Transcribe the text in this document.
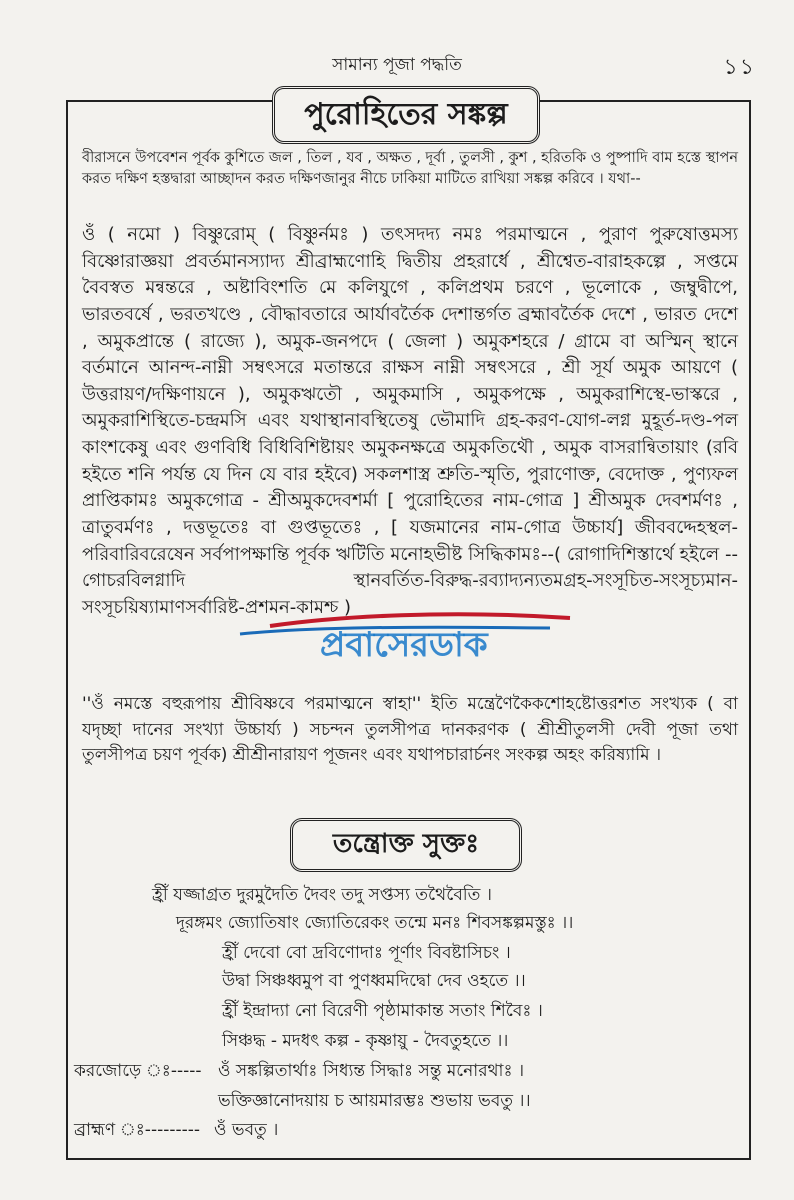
সামান্য পূজা পদ্ধতি	১১
পুরোহিতের সঙ্কল্প
বীরাসনে উপবেশন পূর্বক কুশিতে জল , তিল , যব , অক্ষত , দূর্বা , তুলসী , কুশ , হরিতকি ও পুষ্পাদি বাম হস্তে স্থাপন করত দক্ষিণ হস্তদ্বারা আচ্ছাদন করত দক্ষিণজানুর নীচে ঢাকিয়া মাটিতে রাখিয়া সঙ্কল্প করিবে । যথা--
ওঁ ( নমো ) বিষ্ণুরোম্ ( বিষ্ণুর্নমঃ ) তৎসদদ্য নমঃ পরমাত্মনে , পুরাণ পুরুষোত্তমস্য বিষ্ণোরাজ্ঞয়া প্রবর্তমানস্যাদ্য শ্রীব্রাহ্মণোহি দ্বিতীয় প্রহরার্ধে , শ্রীশ্বেত-বারাহকল্পে , সপ্তমে বৈবস্বত মন্বন্তরে , অষ্টাবিংশতি মে কলিযুগে , কলিপ্রথম চরণে , ভূলোকে , জম্বুদ্বীপে, ভারতবর্ষে , ভরতখণ্ডে , বৌদ্ধাবতারে আর্যাবর্তৈক দেশান্তর্গত ব্রহ্মাবর্তৈক দেশে , ভারত দেশে , অমুকপ্রান্তে ( রাজ্যে ), অমুক-জনপদে ( জেলা ) অমুকশহরে / গ্রামে বা অস্মিন্ স্থানে বর্তমানে আনন্দ-নাম্নী সম্বৎসরে মতান্তরে রাক্ষস নাম্নী সম্বৎসরে , শ্রী সূর্য অমুক আয়ণে ( উত্তরায়ণ/দক্ষিণায়নে ), অমুকঋতৌ , অমুকমাসি , অমুকপক্ষে , অমুকরাশিস্থে-ভাস্করে , অমুকরাশিস্থিতে-চন্দ্রমসি এবং যথাস্থানাবস্থিতেষু ভৌমাদি গ্রহ-করণ-যোগ-লগ্ন মুহূর্ত-দণ্ড-পল কাংশকেষু এবং গুণবিধি বিধিবিশিষ্টায়ং অমুকনক্ষত্রে অমুকতিথৌ , অমুক বাসরান্বিতায়াং (রবি হইতে শনি পর্যন্ত যে দিন যে বার হইবে) সকলশাস্ত্র শ্রুতি-স্মৃতি, পুরাণোক্ত, বেদোক্ত , পুণ্যফল প্রাপ্তিকামঃ অমুকগোত্র - শ্রীঅমুকদেবশর্মা [ পুরোহিতের নাম-গোত্র ] শ্রীঅমুক দেবশর্মণঃ , ত্রাতুবর্মণঃ , দত্তভূতেঃ বা গুপ্তভূতেঃ , [ যজমানের নাম-গোত্র উচ্চার্য] জীববদ্দেহস্থল-পরিবারিবরেষেন সর্বপাপক্ষান্তি পূর্বক ঋটিতি মনোহভীষ্ট সিদ্ধিকামঃ--( রোগাদিশিস্তার্থে হইলে --গোচরবিলগ্নাদি স্থানবর্তিত-বিরুদ্ধ-রব্যাদ্যন্যতমগ্রহ-সংসূচিত-সংসূচ্যমান-সংসূচয়িষ্যামাণসর্বারিষ্ট-প্রশমন-কামশ্চ )
''ওঁ নমস্তে বহুরূপায় শ্রীবিষ্ণবে পরমাত্মনে স্বাহা'' ইতি মন্ত্রেণৈকৈকশোহষ্টোত্তরশত সংখ্যক ( বা যদৃচ্ছা দানের সংখ্যা উচ্চার্য্য ) সচন্দন তুলসীপত্র দানকরণক ( শ্রীশ্রীতুলসী দেবী পূজা তথা তুলসীপত্র চয়ণ পূর্বক) শ্রীশ্রীনারায়ণ পূজনং এবং যথাপচারার্চনং সংকল্প অহং করিষ্যামি ।
তন্ত্রোক্ত সুক্তঃ
হ্রীঁ যজ্জাগ্রত দুরমুদৈতি দৈবং তদু সপ্তস্য তথৈবৈতি ।
দূরঙ্গমং জ্যোতিষাং জ্যোতিরেকং তন্মে মনঃ শিবসঙ্কল্পমস্তুঃ ।।
হ্রীঁ দেবো বো দ্রবিণোদাঃ পূর্ণাং বিবষ্টাসিচং ।
উদ্বা সিঞ্চধ্বমুপ বা পুণধ্বমদিদ্বো দেব ওহতে ।।
হ্রীঁ ইন্দ্রাদ্যা নো বিরেণী পৃষ্ঠামাকান্ত সতাং শিবৈঃ ।
সিঞ্চদ্ধ - মদধৎ কল্প - কৃষ্ণায়ু - দৈবতুহতে ।।
করজোড়ে ঃ----- ওঁ সঙ্কল্পিতার্থাঃ সিধ্যন্ত সিদ্ধাঃ সন্তু মনোরথাঃ ।
ভক্তিজ্ঞানোদয়ায় চ আয়মারম্ভঃ শুভায় ভবতু ।।
ব্রাহ্মণ ঃ--------- ওঁ ভবতু ।
প্রবাসেরডাক
